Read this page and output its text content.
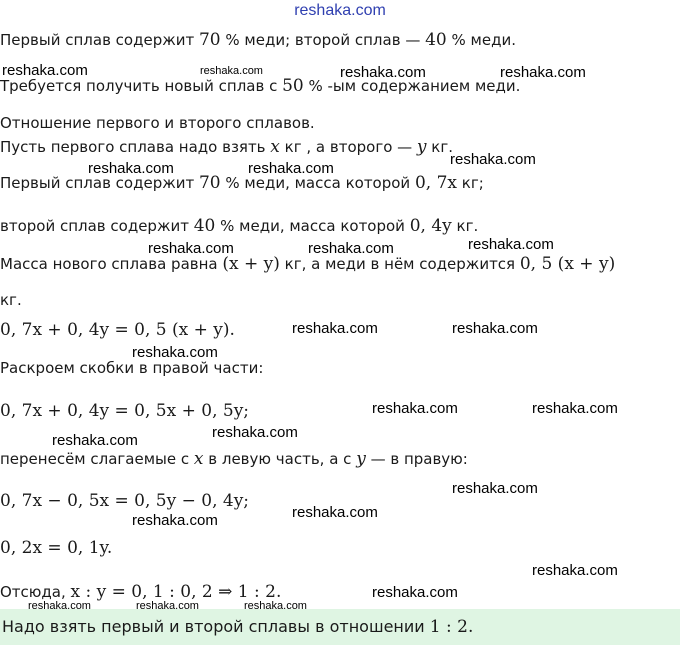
reshaka.com
Первый сплав содержит 70 % меди; второй сплав — 40 % меди.
Требуется получить новый сплав с 50 % -ым содержанием меди.
Отношение первого и второго сплавов.
Пусть первого сплава надо взять x кг , а второго — y кг.
Первый сплав содержит 70 % меди, масса которой 0, 7x кг;
второй сплав содержит 40 % меди, масса которой 0, 4y кг.
Масса нового сплава равна (x + y) кг, а меди в нём содержится 0, 5 (x + y)
кг.
0, 7x + 0, 4y = 0, 5 (x + y).
Раскроем скобки в правой части:
0, 7x + 0, 4y = 0, 5x + 0, 5y;
перенесём слагаемые с x в левую часть, а с y — в правую:
0, 7x − 0, 5x = 0, 5y − 0, 4y;
0, 2x = 0, 1y.
Отсюда, x : y = 0, 1 : 0, 2 ⇒ 1 : 2.
Надо взять первый и второй сплавы в отношении 1 : 2.
reshaka.com	reshaka.com	reshaka.com	reshaka.com
reshaka.com
reshaka.com	reshaka.com
reshaka.com	reshaka.com	reshaka.com
reshaka.com	reshaka.com
reshaka.com
reshaka.com	reshaka.com
reshaka.com
reshaka.com
reshaka.com
reshaka.com
reshaka.com
reshaka.com
reshaka.com
reshaka.com	reshaka.com	reshaka.com
